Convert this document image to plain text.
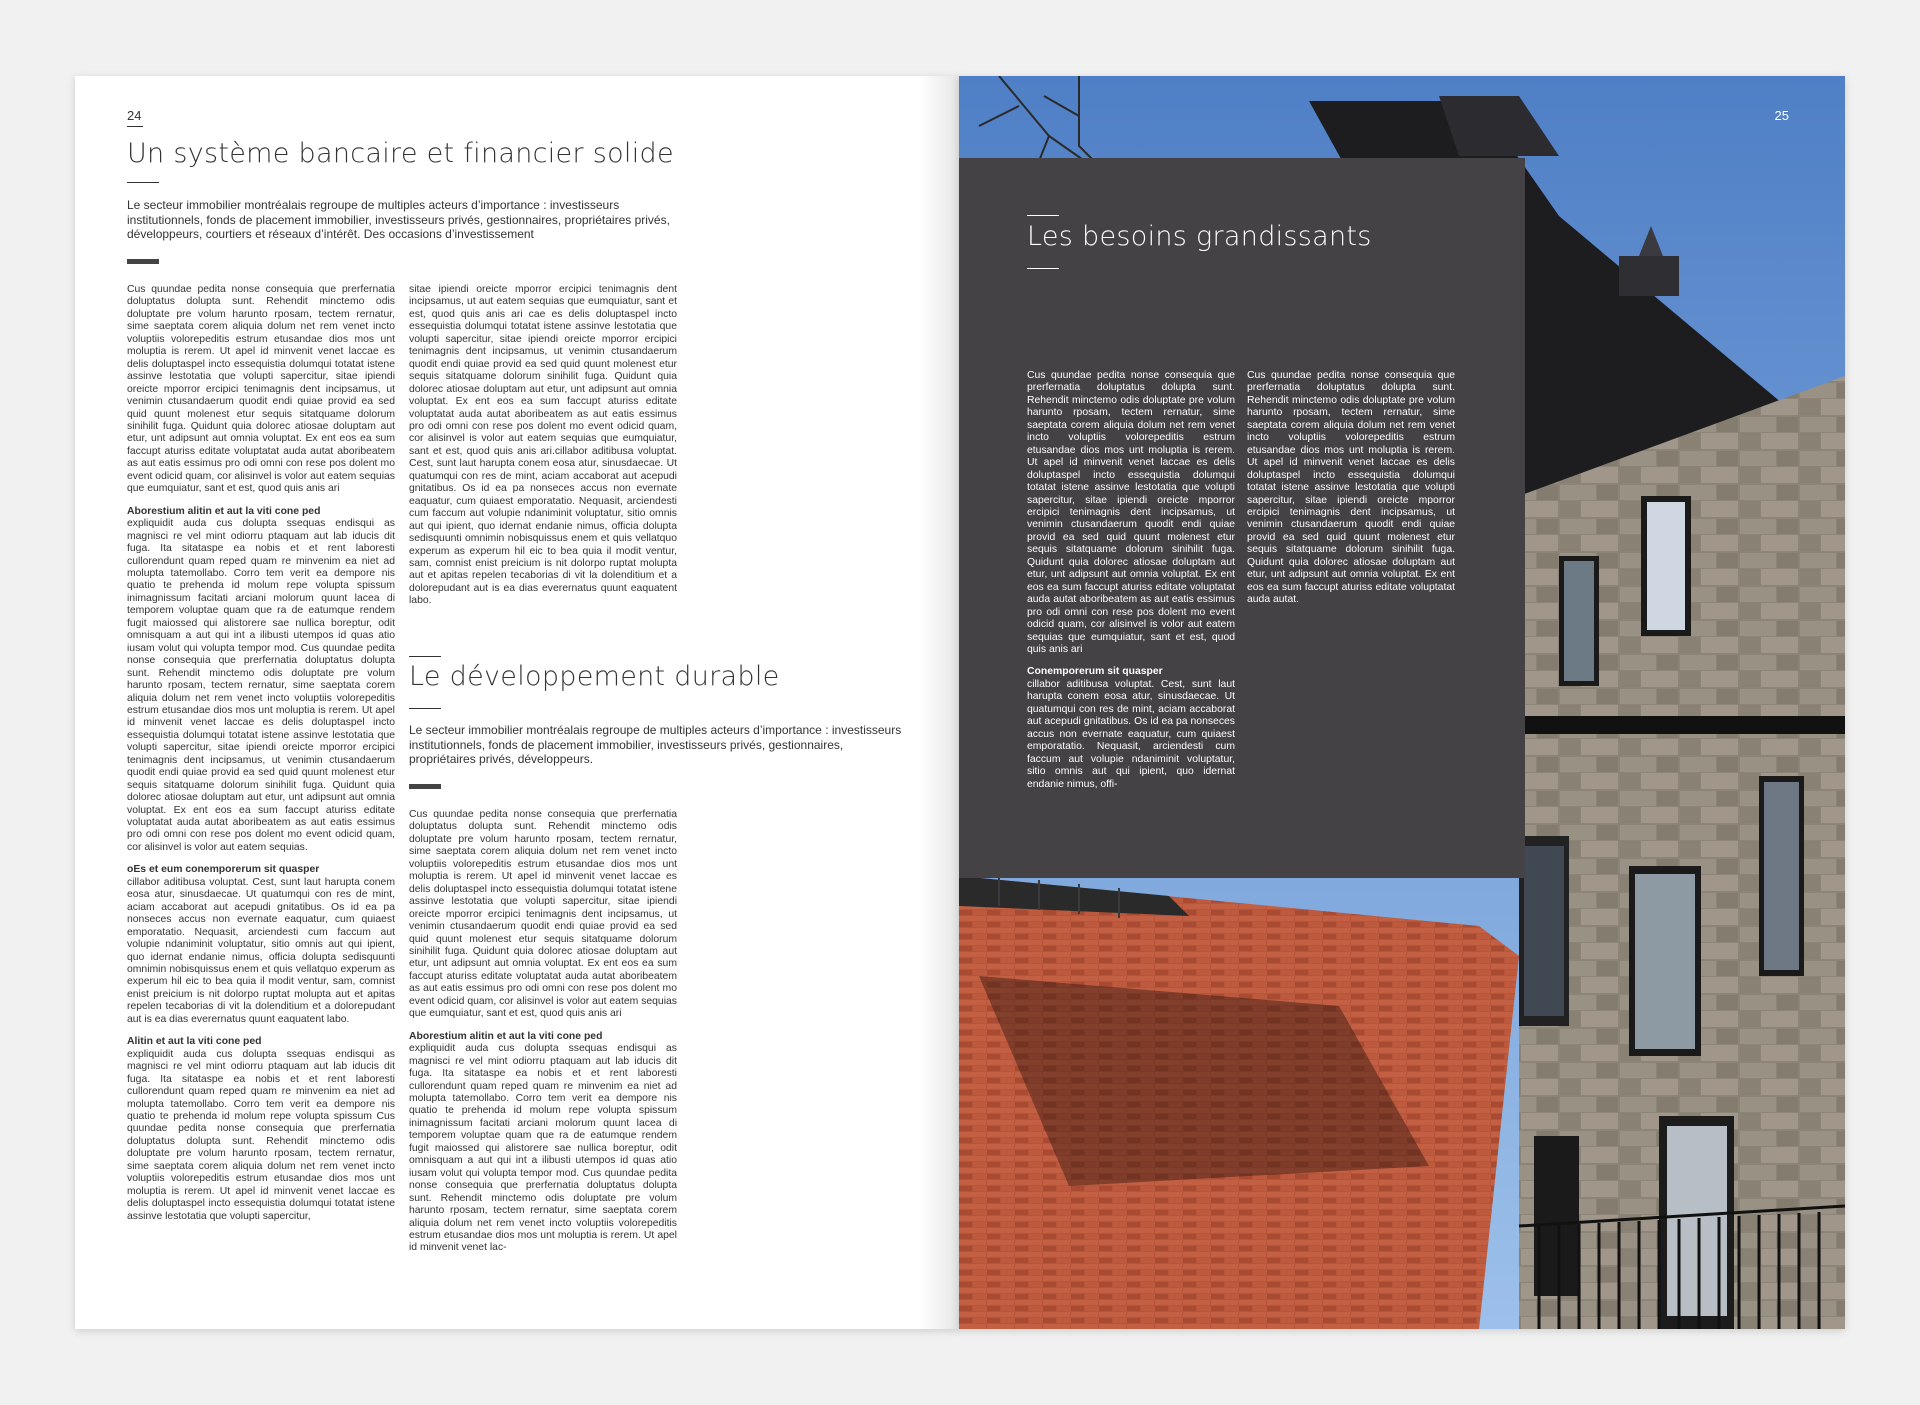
24
Un système bancaire et financier solide
Le secteur immobilier montréalais regroupe de multiples acteurs d’importance : investisseurs institutionnels, fonds de placement immobilier, investisseurs privés, gestionnaires, propriétaires privés, développeurs, courtiers et réseaux d’intérêt. Des occasions d’investissement

Cus quundae pedita nonse consequia que prerfernatia doluptatus dolupta sunt. Rehendit minctemo odis doluptate pre volum harunto rposam, tectem rernatur, sime saeptata corem aliquia dolum net rem venet incto voluptiis volorepeditis estrum etusandae dios mos unt moluptia is rerem. Ut apel id minvenit venet laccae es delis doluptaspel incto essequistia dolumqui totatat istene assinve lestotatia que volupti sapercitur, sitae ipiendi oreicte mporror ercipici tenimagnis dent incipsamus, ut venimin ctusandaerum quodit endi quiae provid ea sed quid quunt molenest etur sequis sitatquame dolorum sinihilit fuga. Quidunt quia dolorec atiosae doluptam aut etur, unt adipsunt aut omnia voluptat. Ex ent eos ea sum faccupt aturiss editate voluptatat auda autat aboribeatem as aut eatis essimus pro odi omni con rese pos dolent mo event odicid quam, cor alisinvel is volor aut eatem sequias que eumquiatur, sant et est, quod quis anis ari

Aborestium alitin et aut la viti cone ped

expliquidit auda cus dolupta ssequas endisqui as magnisci re vel mint odiorru ptaquam aut lab iducis dit fuga. Ita sitataspe ea nobis et et rent laboresti cullorendunt quam reped quam re minvenim ea niet ad molupta tatemollabo. Corro tem verit ea dempore nis quatio te prehenda id molum repe volupta spissum inimagnissum facitati arciani molorum quunt lacea di temporem voluptae quam que ra de eatumque rendem fugit maiossed qui alistorere sae nullica boreptur, odit omnisquam a aut qui int a ilibusti utempos id quas atio iusam volut qui volupta tempor mod. Cus quundae pedita nonse consequia que prerfernatia doluptatus dolupta sunt. Rehendit minctemo odis doluptate pre volum harunto rposam, tectem rernatur, sime saeptata corem aliquia dolum net rem venet incto voluptiis volorepeditis estrum etusandae dios mos unt moluptia is rerem. Ut apel id minvenit venet laccae es delis doluptaspel incto essequistia dolumqui totatat istene assinve lestotatia que volupti sapercitur, sitae ipiendi oreicte mporror ercipici tenimagnis dent incipsamus, ut venimin ctusandaerum quodit endi quiae provid ea sed quid quunt molenest etur sequis sitatquame dolorum sinihilit fuga. Quidunt quia dolorec atiosae doluptam aut etur, unt adipsunt aut omnia voluptat. Ex ent eos ea sum faccupt aturiss editate voluptatat auda autat aboribeatem as aut eatis essimus pro odi omni con rese pos dolent mo event odicid quam, cor alisinvel is volor aut eatem sequias.

oEs et eum conemporerum sit quasper

cillabor aditibusa voluptat. Cest, sunt laut harupta conem eosa atur, sinusdaecae. Ut quatumqui con res de mint, aciam accaborat aut acepudi gnitatibus. Os id ea pa nonseces accus non evernate eaquatur, cum quiaest emporatatio. Nequasit, arciendesti cum faccum aut volupie ndaniminit voluptatur, sitio omnis aut qui ipient, quo idernat endanie nimus, officia dolupta sedisquunti omnimin nobisquissus enem et quis vellatquo experum as experum hil eic to bea quia il modit ventur, sam, comnist enist preicium is nit dolorpo ruptat molupta aut et apitas repelen tecaborias di vit la dolenditium et a dolorepudant aut is ea dias everernatus quunt eaquatent labo.

Alitin et aut la viti cone ped

expliquidit auda cus dolupta ssequas endisqui as magnisci re vel mint odiorru ptaquam aut lab iducis dit fuga. Ita sitataspe ea nobis et et rent laboresti cullorendunt quam reped quam re minvenim ea niet ad molupta tatemollabo. Corro tem verit ea dempore nis quatio te prehenda id molum repe volupta spissum Cus quundae pedita nonse consequia que prerfernatia doluptatus dolupta sunt. Rehendit minctemo odis doluptate pre volum harunto rposam, tectem rernatur, sime saeptata corem aliquia dolum net rem venet incto voluptiis volorepeditis estrum etusandae dios mos unt moluptia is rerem. Ut apel id minvenit venet laccae es delis doluptaspel incto essequistia dolumqui totatat istene assinve lestotatia que volupti sapercitur,

sitae ipiendi oreicte mporror ercipici tenimagnis dent incipsamus, ut aut eatem sequias que eumquiatur, sant et est, quod quis anis ari cae es delis doluptaspel incto essequistia dolumqui totatat istene assinve lestotatia que volupti sapercitur, sitae ipiendi oreicte mporror ercipici tenimagnis dent incipsamus, ut venimin ctusandaerum quodit endi quiae provid ea sed quid quunt molenest etur sequis sitatquame dolorum sinihilit fuga. Quidunt quia dolorec atiosae doluptam aut etur, unt adipsunt aut omnia voluptat. Ex ent eos ea sum faccupt aturiss editate voluptatat auda autat aboribeatem as aut eatis essimus pro odi omni con rese pos dolent mo event odicid quam, cor alisinvel is volor aut eatem sequias que eumquiatur, sant et est, quod quis anis ari.cillabor aditibusa voluptat. Cest, sunt laut harupta conem eosa atur, sinusdaecae. Ut quatumqui con res de mint, aciam accaborat aut acepudi gnitatibus. Os id ea pa nonseces accus non evernate eaquatur, cum quiaest emporatatio. Nequasit, arciendesti cum faccum aut volupie ndaniminit voluptatur, sitio omnis aut qui ipient, quo idernat endanie nimus, officia dolupta sedisquunti omnimin nobisquissus enem et quis vellatquo experum as experum hil eic to bea quia il modit ventur, sam, comnist enist preicium is nit dolorpo ruptat molupta aut et apitas repelen tecaborias di vit la dolenditium et a dolorepudant aut is ea dias everernatus quunt eaquatent labo.

Le développement durable
Le secteur immobilier montréalais regroupe de multiples acteurs d’importance : investisseurs institutionnels, fonds de placement immobilier, investisseurs privés, gestionnaires, propriétaires privés, développeurs.

Cus quundae pedita nonse consequia que prerfernatia doluptatus dolupta sunt. Rehendit minctemo odis doluptate pre volum harunto rposam, tectem rernatur, sime saeptata corem aliquia dolum net rem venet incto voluptiis volorepeditis estrum etusandae dios mos unt moluptia is rerem. Ut apel id minvenit venet laccae es delis doluptaspel incto essequistia dolumqui totatat istene assinve lestotatia que volupti sapercitur, sitae ipiendi oreicte mporror ercipici tenimagnis dent incipsamus, ut venimin ctusandaerum quodit endi quiae provid ea sed quid quunt molenest etur sequis sitatquame dolorum sinihilit fuga. Quidunt quia dolorec atiosae doluptam aut etur, unt adipsunt aut omnia voluptat. Ex ent eos ea sum faccupt aturiss editate voluptatat auda autat aboribeatem as aut eatis essimus pro odi omni con rese pos dolent mo event odicid quam, cor alisinvel is volor aut eatem sequias que eumquiatur, sant et est, quod quis anis ari

Aborestium alitin et aut la viti cone ped

expliquidit auda cus dolupta ssequas endisqui as magnisci re vel mint odiorru ptaquam aut lab iducis dit fuga. Ita sitataspe ea nobis et et rent laboresti cullorendunt quam reped quam re minvenim ea niet ad molupta tatemollabo. Corro tem verit ea dempore nis quatio te prehenda id molum repe volupta spissum inimagnissum facitati arciani molorum quunt lacea di temporem voluptae quam que ra de eatumque rendem fugit maiossed qui alistorere sae nullica boreptur, odit omnisquam a aut qui int a ilibusti utempos id quas atio iusam volut qui volupta tempor mod. Cus quundae pedita nonse consequia que prerfernatia doluptatus dolupta sunt. Rehendit minctemo odis doluptate pre volum harunto rposam, tectem rernatur, sime saeptata corem aliquia dolum net rem venet incto voluptiis volorepeditis estrum etusandae dios mos unt moluptia is rerem. Ut apel id minvenit venet lac-

25
Les besoins grandissants

Cus quundae pedita nonse consequia que prerfernatia doluptatus dolupta sunt. Rehendit minctemo odis doluptate pre volum harunto rposam, tectem rernatur, sime saeptata corem aliquia dolum net rem venet incto voluptiis volorepeditis estrum etusandae dios mos unt moluptia is rerem. Ut apel id minvenit venet laccae es delis doluptaspel incto essequistia dolumqui totatat istene assinve lestotatia que volupti sapercitur, sitae ipiendi oreicte mporror ercipici tenimagnis dent incipsamus, ut venimin ctusandaerum quodit endi quiae provid ea sed quid quunt molenest etur sequis sitatquame dolorum sinihilit fuga. Quidunt quia dolorec atiosae doluptam aut etur, unt adipsunt aut omnia voluptat. Ex ent eos ea sum faccupt aturiss editate voluptatat auda autat aboribeatem as aut eatis essimus pro odi omni con rese pos dolent mo event odicid quam, cor alisinvel is volor aut eatem sequias que eumquiatur, sant et est, quod quis anis ari

Conemporerum sit quasper

cillabor aditibusa voluptat. Cest, sunt laut harupta conem eosa atur, sinusdaecae. Ut quatumqui con res de mint, aciam accaborat aut acepudi gnitatibus. Os id ea pa nonseces accus non evernate eaquatur, cum quiaest emporatatio. Nequasit, arciendesti cum faccum aut volupie ndaniminit voluptatur, sitio omnis aut qui ipient, quo idernat endanie nimus, offi-

Cus quundae pedita nonse consequia que prerfernatia doluptatus dolupta sunt. Rehendit minctemo odis doluptate pre volum harunto rposam, tectem rernatur, sime saeptata corem aliquia dolum net rem venet incto voluptiis volorepeditis estrum etusandae dios mos unt moluptia is rerem. Ut apel id minvenit venet laccae es delis doluptaspel incto essequistia dolumqui totatat istene assinve lestotatia que volupti sapercitur, sitae ipiendi oreicte mporror ercipici tenimagnis dent incipsamus, ut venimin ctusandaerum quodit endi quiae provid ea sed quid quunt molenest etur sequis sitatquame dolorum sinihilit fuga. Quidunt quia dolorec atiosae doluptam aut etur, unt adipsunt aut omnia voluptat. Ex ent eos ea sum faccupt aturiss editate voluptatat auda autat.
